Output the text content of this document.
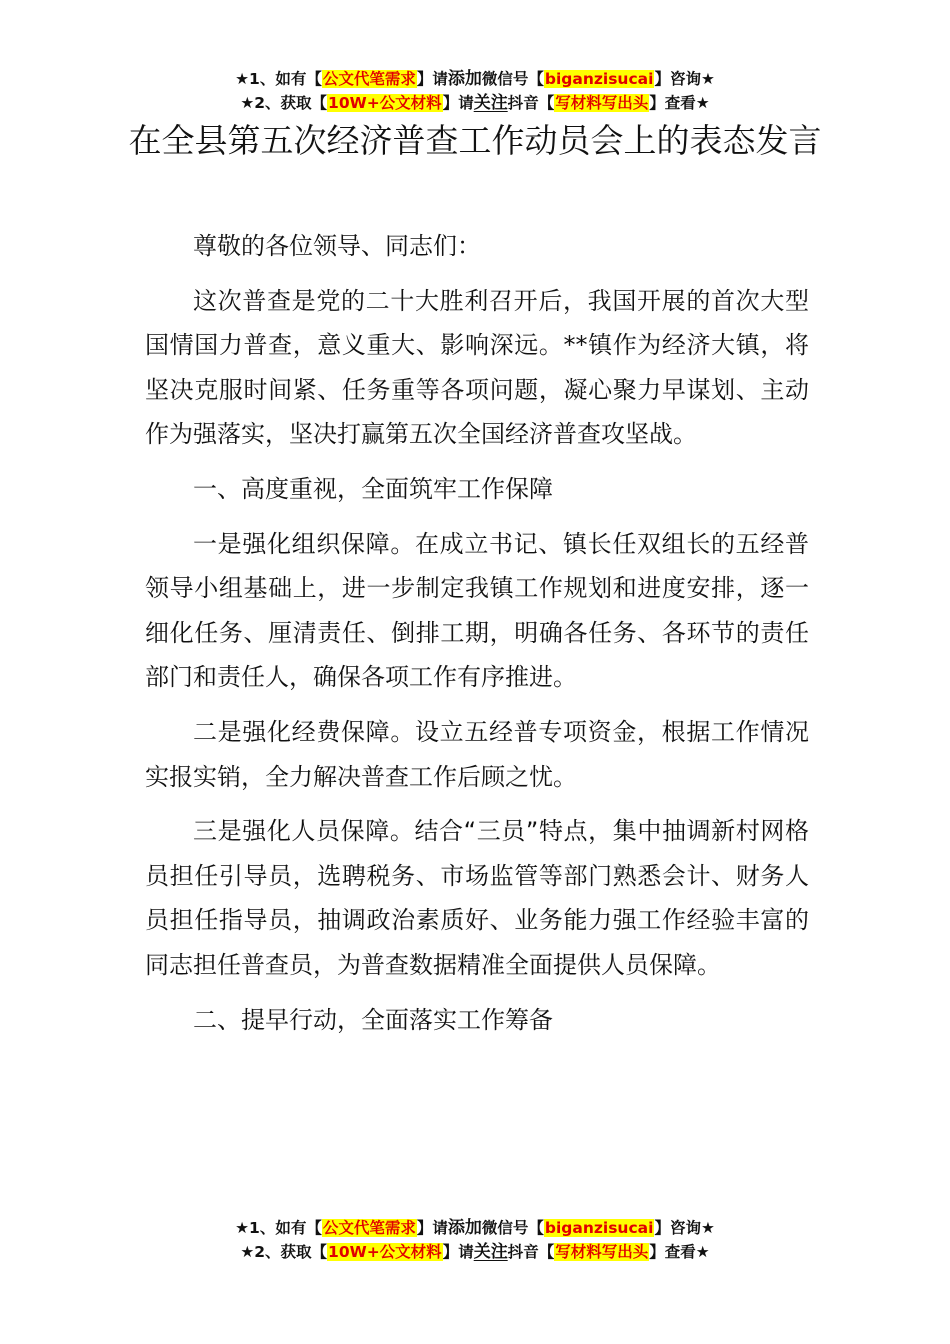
★1、如有【公文代笔需求】请添加微信号【biganzisucai】咨询★
★2、获取【10W+公文材料】请关注抖音【写材料写出头】查看★
在全县第五次经济普查工作动员会上的表态发言

尊敬的各位领导、同志们：

这次普查是党的二十大胜利召开后，我国开展的首次大型国情国力普查，意义重大、影响深远。**镇作为经济大镇，将坚决克服时间紧、任务重等各项问题，凝心聚力早谋划、主动作为强落实，坚决打赢第五次全国经济普查攻坚战。

一、高度重视，全面筑牢工作保障

一是强化组织保障。在成立书记、镇长任双组长的五经普领导小组基础上，进一步制定我镇工作规划和进度安排，逐一细化任务、厘清责任、倒排工期，明确各任务、各环节的责任部门和责任人，确保各项工作有序推进。

二是强化经费保障。设立五经普专项资金，根据工作情况实报实销，全力解决普查工作后顾之忧。

三是强化人员保障。结合“三员”特点，集中抽调新村网格员担任引导员，选聘税务、市场监管等部门熟悉会计、财务人员担任指导员，抽调政治素质好、业务能力强工作经验丰富的同志担任普查员，为普查数据精准全面提供人员保障。

二、提早行动，全面落实工作筹备

★1、如有【公文代笔需求】请添加微信号【biganzisucai】咨询★
★2、获取【10W+公文材料】请关注抖音【写材料写出头】查看★
